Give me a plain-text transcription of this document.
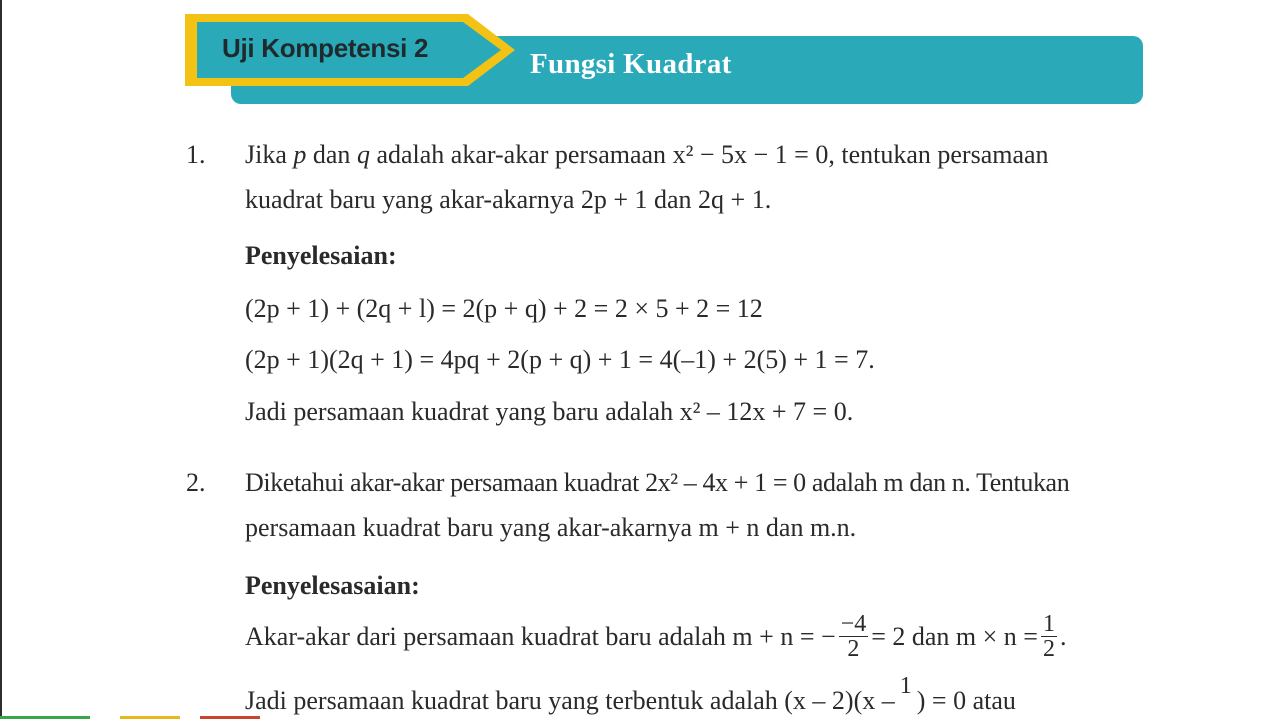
Fungsi Kuadrat
Uji Kompetensi 2
1. Jika p dan q adalah akar-akar persamaan x² − 5x − 1 = 0, tentukan persamaan
kuadrat baru yang akar-akarnya 2p + 1 dan 2q + 1.
Penyelesaian:
(2p + 1) + (2q + l) = 2(p + q) + 2 = 2 × 5 + 2 = 12
(2p + 1)(2q + 1) = 4pq + 2(p + q) + 1 = 4(–1) + 2(5) + 1 = 7.
Jadi persamaan kuadrat yang baru adalah x² – 12x + 7 = 0.
2. Diketahui akar-akar persamaan kuadrat 2x² – 4x + 1 = 0 adalah m dan n. Tentukan
persamaan kuadrat baru yang akar-akarnya m + n dan m.n.
Penyelesasaian:
Akar-akar dari persamaan kuadrat baru adalah m + n = − $\frac{-4}{2} = 2$ dan $m \times n = \frac{1}{2}$ .
Jadi persamaan kuadrat baru yang terbentuk adalah (x – 2)(x – 1 ) = 0 atau
